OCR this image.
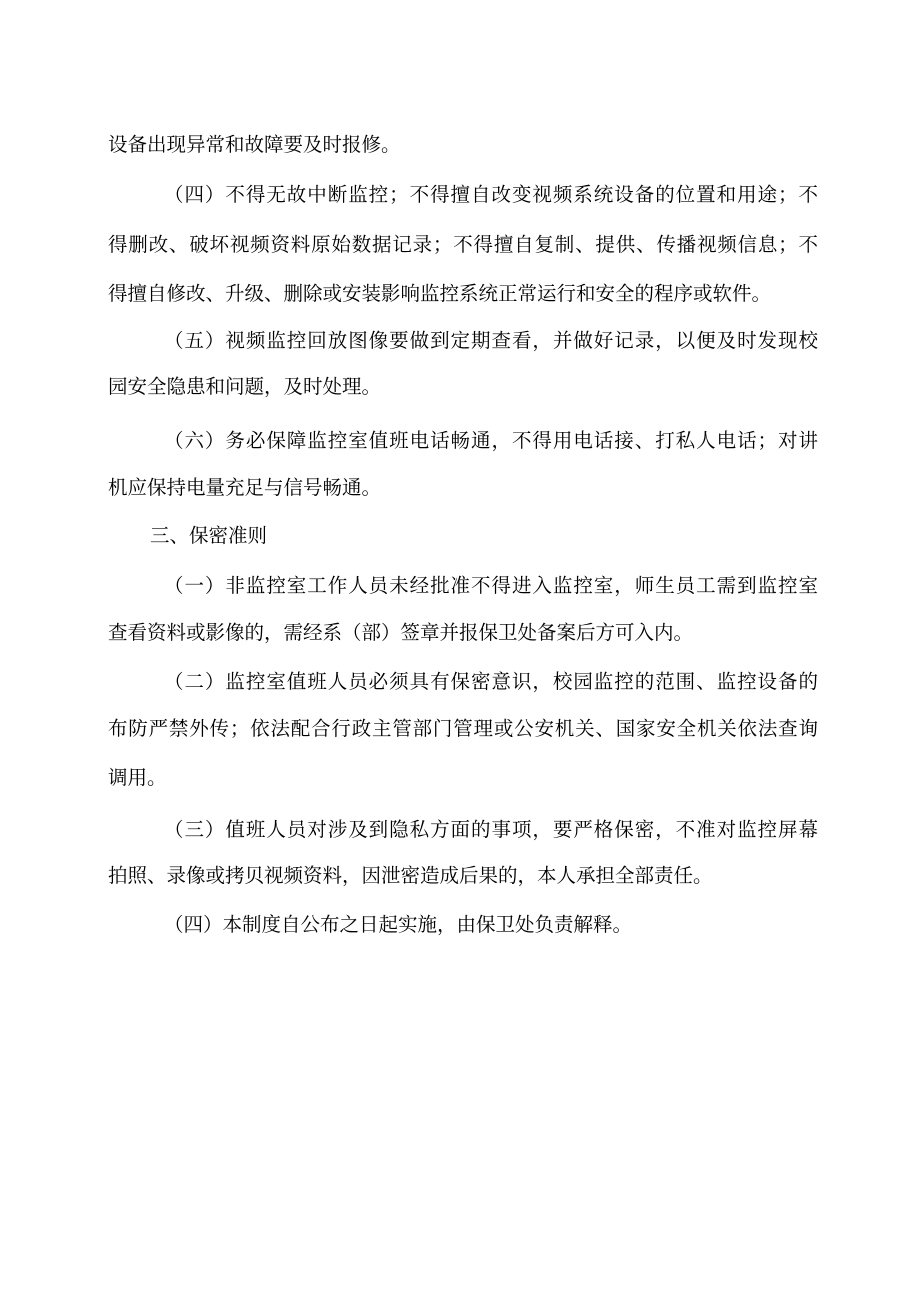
设备出现异常和故障要及时报修。
（四）不得无故中断监控；不得擅自改变视频系统设备的位置和用途；不
得删改、破坏视频资料原始数据记录；不得擅自复制、提供、传播视频信息；不
得擅自修改、升级、删除或安装影响监控系统正常运行和安全的程序或软件。
（五）视频监控回放图像要做到定期查看，并做好记录，以便及时发现校
园安全隐患和问题，及时处理。
（六）务必保障监控室值班电话畅通，不得用电话接、打私人电话；对讲
机应保持电量充足与信号畅通。
三、保密准则
（一）非监控室工作人员未经批准不得进入监控室，师生员工需到监控室
查看资料或影像的，需经系（部）签章并报保卫处备案后方可入内。
（二）监控室值班人员必须具有保密意识，校园监控的范围、监控设备的
布防严禁外传；依法配合行政主管部门管理或公安机关、国家安全机关依法查询
调用。
（三）值班人员对涉及到隐私方面的事项，要严格保密，不准对监控屏幕
拍照、录像或拷贝视频资料，因泄密造成后果的，本人承担全部责任。
（四）本制度自公布之日起实施，由保卫处负责解释。
